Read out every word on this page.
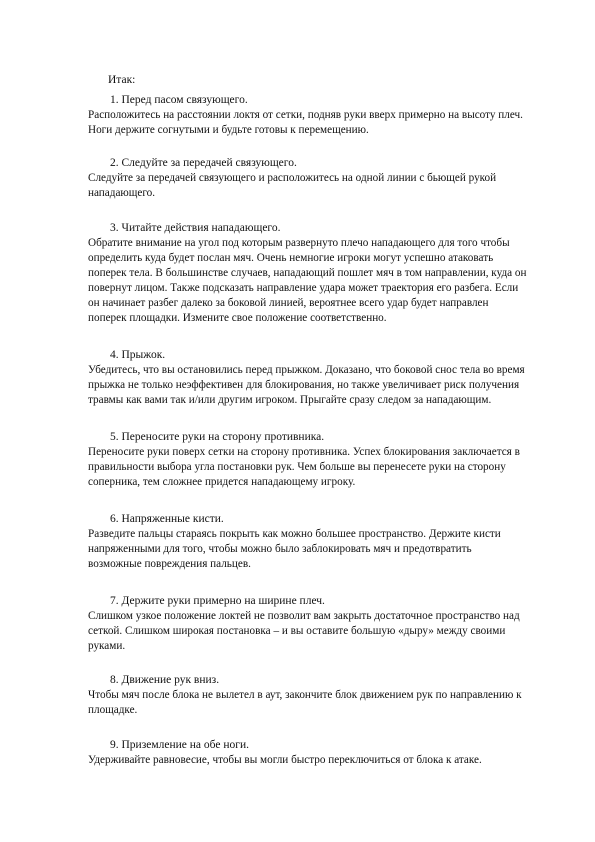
Итак:
1. Перед пасом связующего.
Расположитесь на расстоянии локтя от сетки, подняв руки вверх примерно на высоту плеч.
Ноги держите согнутыми и будьте готовы к перемещению.
2. Следуйте за передачей связующего.
Следуйте за передачей связующего и расположитесь на одной линии с бьющей рукой
нападающего.
3. Читайте действия нападающего.
Обратите внимание на угол под которым развернуто плечо нападающего для того чтобы
определить куда будет послан мяч. Очень немногие игроки могут успешно атаковать
поперек тела. В большинстве случаев, нападающий пошлет мяч в том направлении, куда он
повернут лицом. Также подсказать направление удара может траектория его разбега. Если
он начинает разбег далеко за боковой линией, вероятнее всего удар будет направлен
поперек площадки. Измените свое положение соответственно.
4. Прыжок.
Убедитесь, что вы остановились перед прыжком. Доказано, что боковой снос тела во время
прыжка не только неэффективен для блокирования, но также увеличивает риск получения
травмы как вами так и/или другим игроком. Прыгайте сразу следом за нападающим.
5. Переносите руки на сторону противника.
Переносите руки поверх сетки на сторону противника. Успех блокирования заключается в
правильности выбора угла постановки рук. Чем больше вы перенесете руки на сторону
соперника, тем сложнее придется нападающему игроку.
6. Напряженные кисти.
Разведите пальцы стараясь покрыть как можно большее пространство. Держите кисти
напряженными для того, чтобы можно было заблокировать мяч и предотвратить
возможные повреждения пальцев.
7. Держите руки примерно на ширине плеч.
Слишком узкое положение локтей не позволит вам закрыть достаточное пространство над
сеткой. Слишком широкая постановка – и вы оставите большую «дыру» между своими
руками.
8. Движение рук вниз.
Чтобы мяч после блока не вылетел в аут, закончите блок движением рук по направлению к
площадке.
9. Приземление на обе ноги.
Удерживайте равновесие, чтобы вы могли быстро переключиться от блока к атаке.
